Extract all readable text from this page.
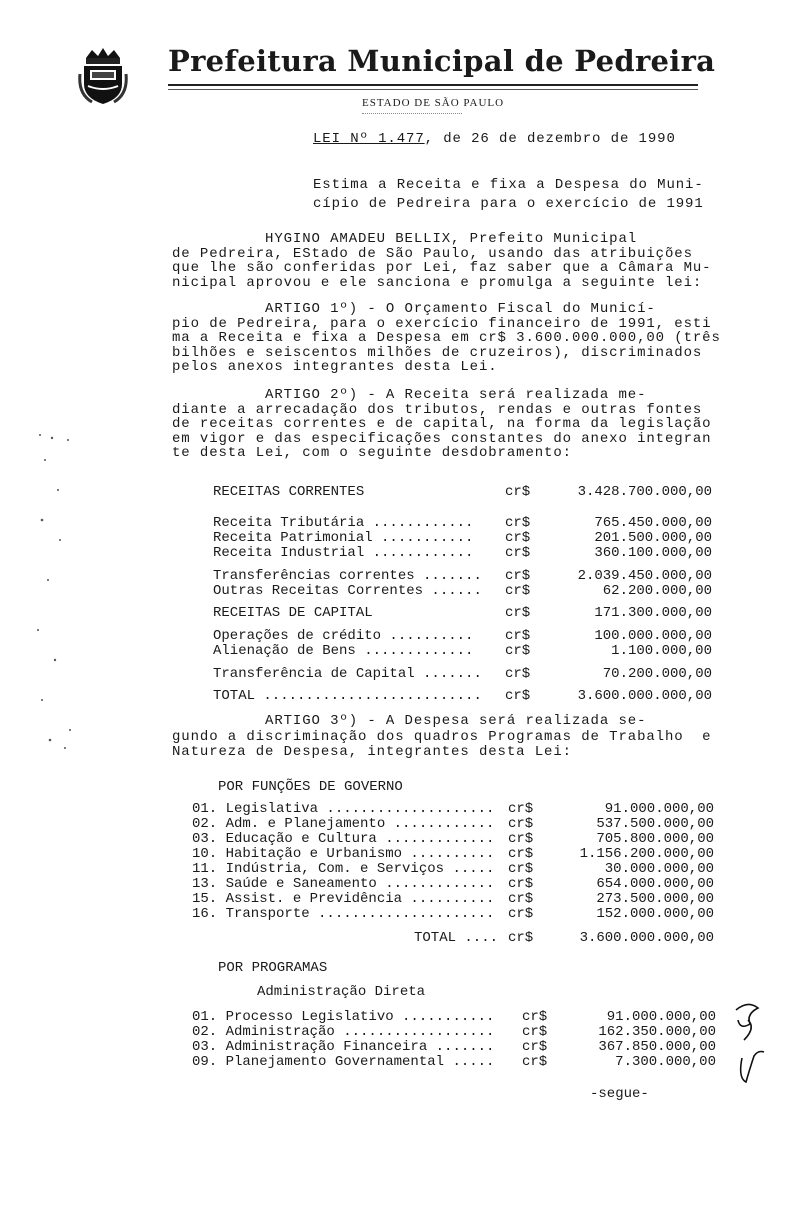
Prefeitura Municipal de Pedreira
ESTADO DE SÃO PAULO
LEI Nº 1.477, de 26 de dezembro de 1990
Estima a Receita e fixa a Despesa do Muni-
cípio de Pedreira para o exercício de 1991
HYGINO AMADEU BELLIX, Prefeito Municipal
de Pedreira, EStado de São Paulo, usando das atribuições
que lhe são conferidas por Lei, faz saber que a Câmara Mu-
nicipal aprovou e ele sanciona e promulga a seguinte lei:
ARTIGO 1º) - O Orçamento Fiscal do Municí-
pio de Pedreira, para o exercício financeiro de 1991, esti
ma a Receita e fixa a Despesa em cr$ 3.600.000.000,00 (três
bilhões e seiscentos milhões de cruzeiros), discriminados
pelos anexos integrantes desta Lei.
ARTIGO 2º) - A Receita será realizada me-
diante a arrecadação dos tributos, rendas e outras fontes
de receitas correntes e de capital, na forma da legislação
em vigor e das especificações constantes do anexo integran
te desta Lei, com o seguinte desdobramento:
RECEITAS CORRENTES	cr$	3.428.700.000,00
Receita Tributária ............ cr$	765.450.000,00
Receita Patrimonial ........... cr$	201.500.000,00
Receita Industrial ............ cr$	360.100.000,00
Transferências correntes ....... cr$	2.039.450.000,00
Outras Receitas Correntes ...... cr$	62.200.000,00
RECEITAS DE CAPITAL	cr$	171.300.000,00
Operações de crédito .......... cr$	100.000.000,00
Alienação de Bens ............. cr$	1.100.000,00
Transferência de Capital ....... cr$	70.200.000,00
TOTAL .......................... cr$	3.600.000.000,00
ARTIGO 3º) - A Despesa será realizada se-
gundo a discriminação dos quadros Programas de Trabalho  e
Natureza de Despesa, integrantes desta Lei:
POR FUNÇÕES DE GOVERNO
01. Legislativa .................... cr$	91.000.000,00
02. Adm. e Planejamento ............ cr$	537.500.000,00
03. Educação e Cultura ............. cr$	705.800.000,00
10. Habitação e Urbanismo .......... cr$	1.156.200.000,00
11. Indústria, Com. e Serviços ..... cr$	30.000.000,00
13. Saúde e Saneamento ............. cr$	654.000.000,00
15. Assist. e Previdência .......... cr$	273.500.000,00
16. Transporte ..................... cr$	152.000.000,00
TOTAL .... cr$	3.600.000.000,00
POR PROGRAMAS
Administração Direta
01. Processo Legislativo ........... cr$	91.000.000,00
02. Administração .................. cr$	162.350.000,00
03. Administração Financeira ....... cr$	367.850.000,00
09. Planejamento Governamental ..... cr$	7.300.000,00
-segue-
